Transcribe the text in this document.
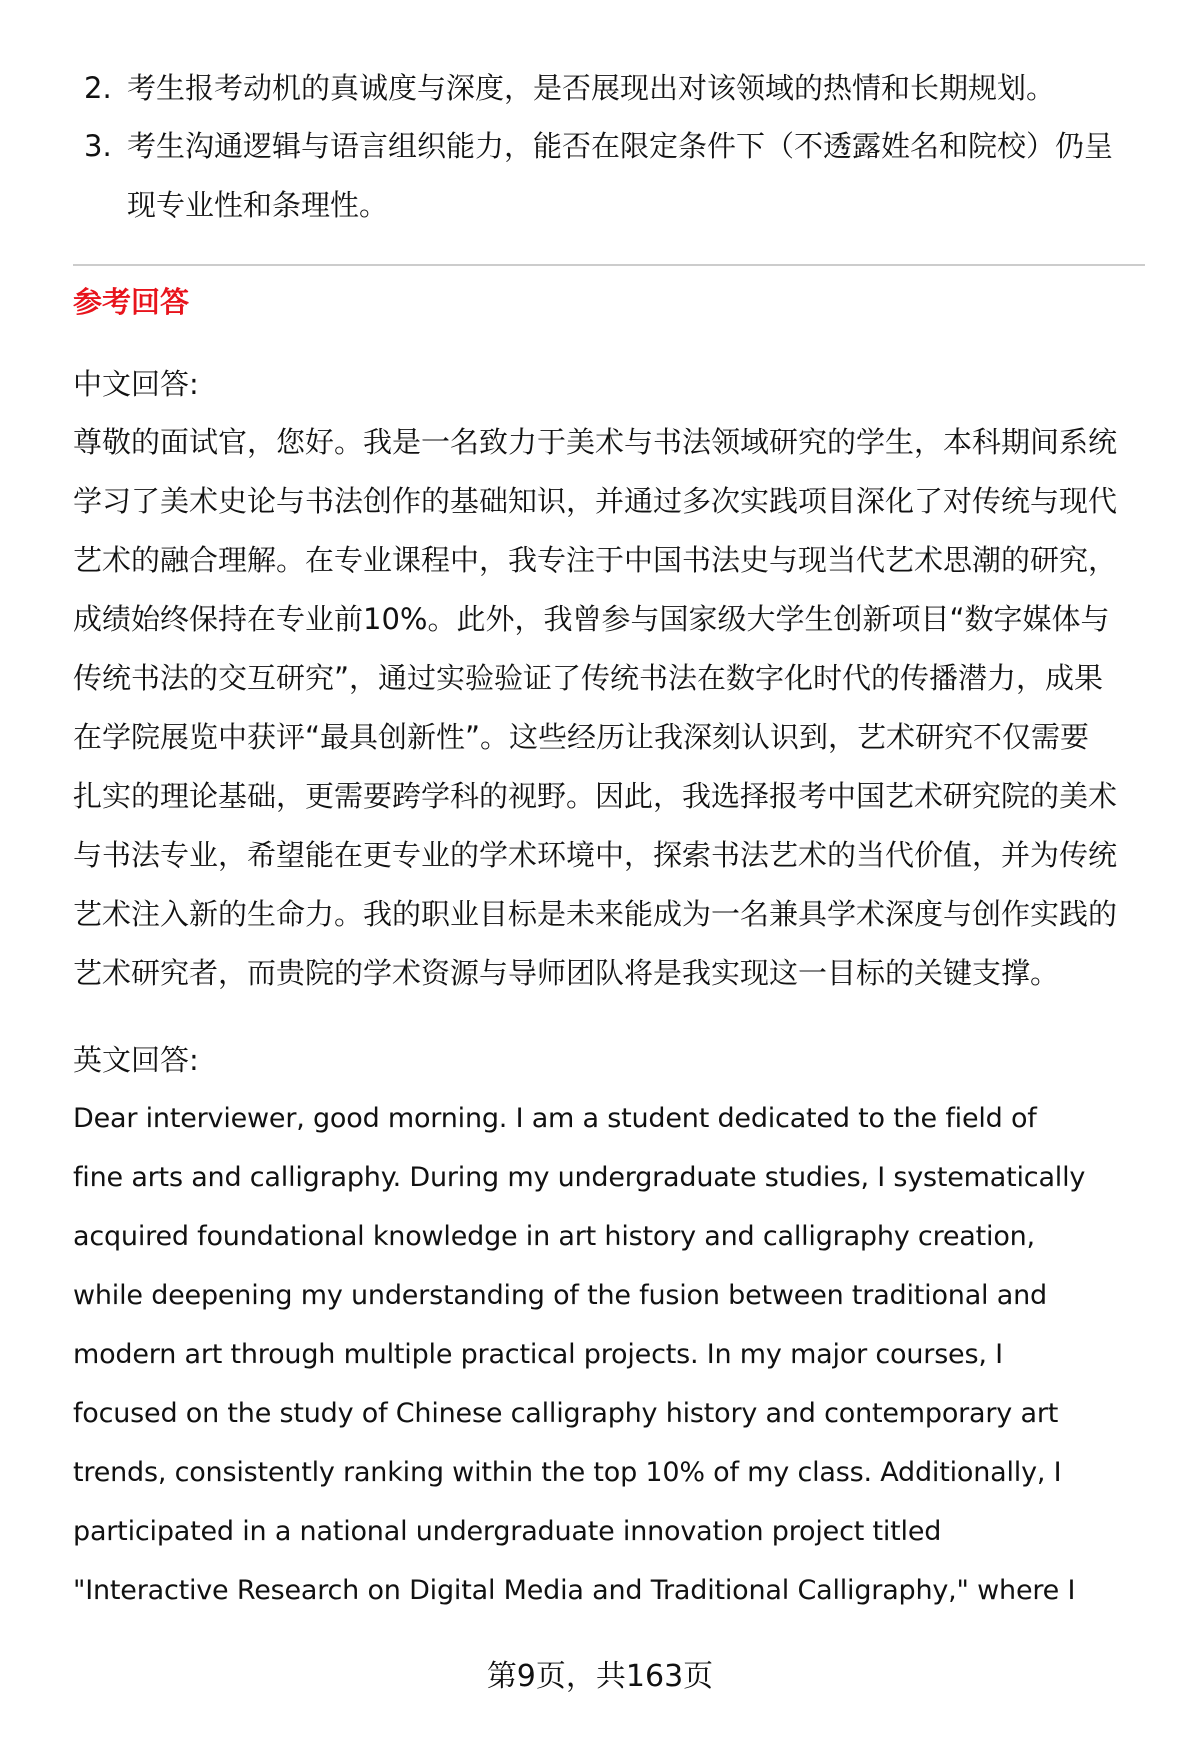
2. 考生报考动机的真诚度与深度，是否展现出对该领域的热情和长期规划。
3. 考生沟通逻辑与语言组织能力，能否在限定条件下（不透露姓名和院校）仍呈
现专业性和条理性。
参考回答
中文回答:
尊敬的面试官，您好。我是一名致力于美术与书法领域研究的学生，本科期间系统
学习了美术史论与书法创作的基础知识，并通过多次实践项目深化了对传统与现代
艺术的融合理解。在专业课程中，我专注于中国书法史与现当代艺术思潮的研究，
成绩始终保持在专业前10%。此外，我曾参与国家级大学生创新项目“数字媒体与
传统书法的交互研究”，通过实验验证了传统书法在数字化时代的传播潜力，成果
在学院展览中获评“最具创新性”。这些经历让我深刻认识到，艺术研究不仅需要
扎实的理论基础，更需要跨学科的视野。因此，我选择报考中国艺术研究院的美术
与书法专业，希望能在更专业的学术环境中，探索书法艺术的当代价值，并为传统
艺术注入新的生命力。我的职业目标是未来能成为一名兼具学术深度与创作实践的
艺术研究者，而贵院的学术资源与导师团队将是我实现这一目标的关键支撑。
英文回答:
Dear interviewer, good morning. I am a student dedicated to the field of
fine arts and calligraphy. During my undergraduate studies, I systematically
acquired foundational knowledge in art history and calligraphy creation,
while deepening my understanding of the fusion between traditional and
modern art through multiple practical projects. In my major courses, I
focused on the study of Chinese calligraphy history and contemporary art
trends, consistently ranking within the top 10% of my class. Additionally, I
participated in a national undergraduate innovation project titled
"Interactive Research on Digital Media and Traditional Calligraphy," where I
第9页，共163页
